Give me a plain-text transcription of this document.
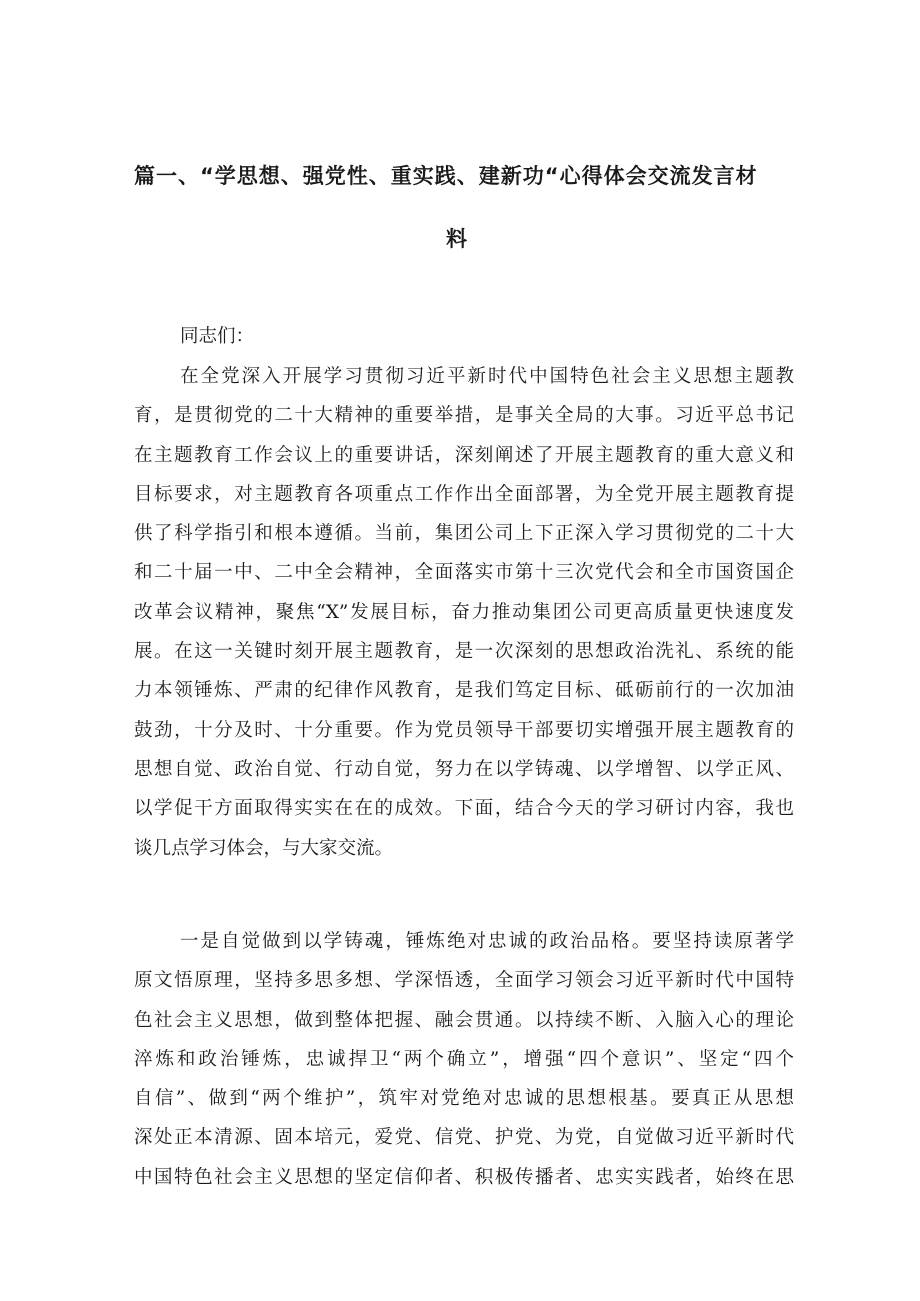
篇一、“学思想、强党性、重实践、建新功“心得体会交流发言材
料
同志们：
在全党深入开展学习贯彻习近平新时代中国特色社会主义思想主题教
育，是贯彻党的二十大精神的重要举措，是事关全局的大事。习近平总书记
在主题教育工作会议上的重要讲话，深刻阐述了开展主题教育的重大意义和
目标要求，对主题教育各项重点工作作出全面部署，为全党开展主题教育提
供了科学指引和根本遵循。当前，集团公司上下正深入学习贯彻党的二十大
和二十届一中、二中全会精神，全面落实市第十三次党代会和全市国资国企
改革会议精神，聚焦“X”发展目标，奋力推动集团公司更高质量更快速度发
展。在这一关键时刻开展主题教育，是一次深刻的思想政治洗礼、系统的能
力本领锤炼、严肃的纪律作风教育，是我们笃定目标、砥砺前行的一次加油
鼓劲，十分及时、十分重要。作为党员领导干部要切实增强开展主题教育的
思想自觉、政治自觉、行动自觉，努力在以学铸魂、以学增智、以学正风、
以学促干方面取得实实在在的成效。下面，结合今天的学习研讨内容，我也
谈几点学习体会，与大家交流。
一是自觉做到以学铸魂，锤炼绝对忠诚的政治品格。要坚持读原著学
原文悟原理，坚持多思多想、学深悟透，全面学习领会习近平新时代中国特
色社会主义思想，做到整体把握、融会贯通。以持续不断、入脑入心的理论
淬炼和政治锤炼，忠诚捍卫“两个确立”，增强“四个意识”、坚定“四个
自信”、做到“两个维护”，筑牢对党绝对忠诚的思想根基。要真正从思想
深处正本清源、固本培元，爱党、信党、护党、为党，自觉做习近平新时代
中国特色社会主义思想的坚定信仰者、积极传播者、忠实实践者，始终在思
